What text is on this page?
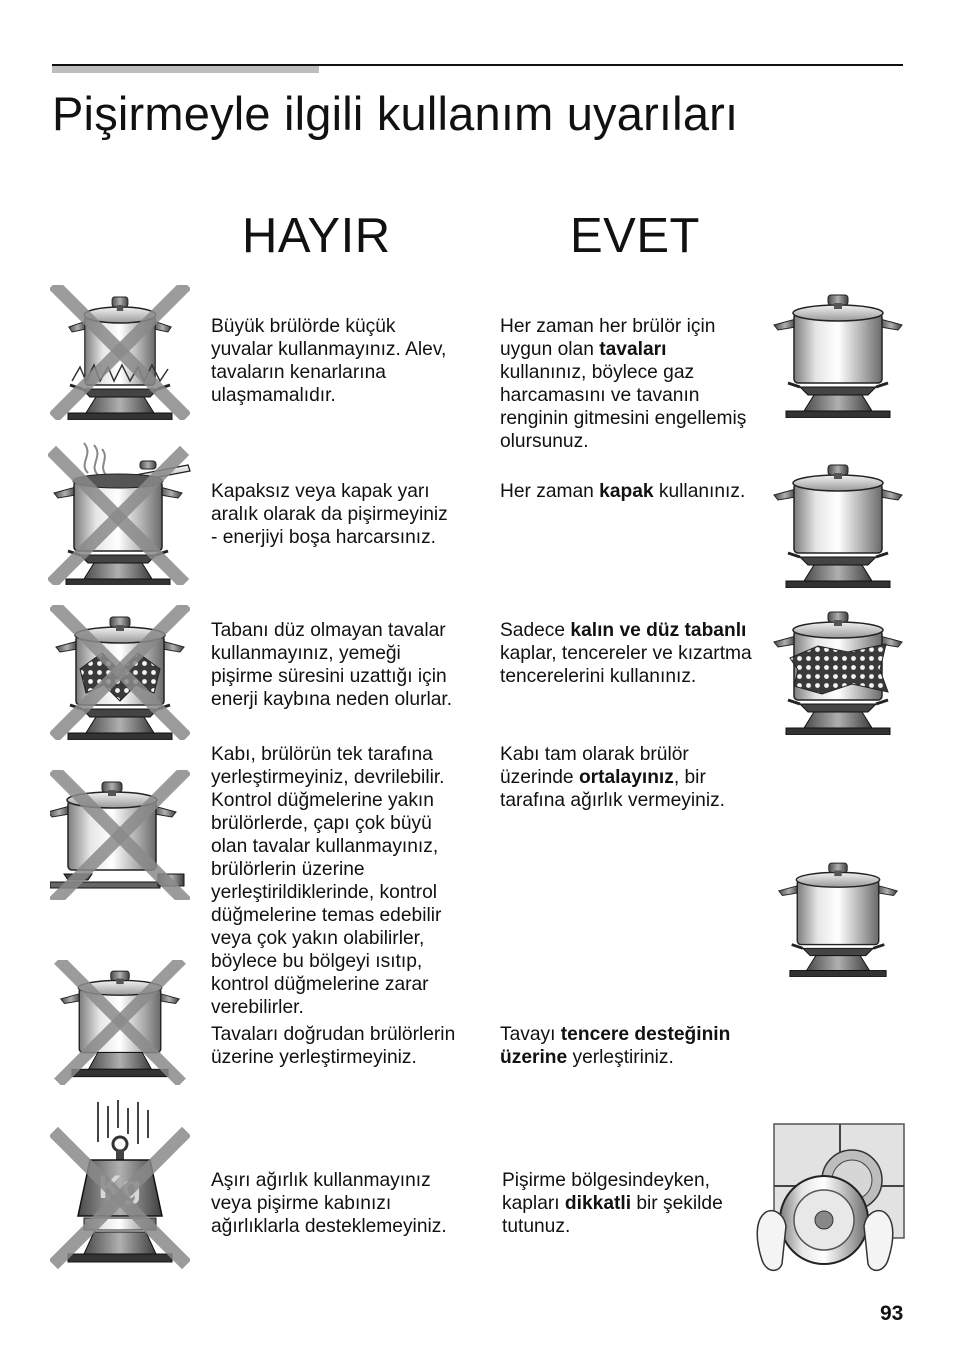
Pişirmeyle ilgili kullanım uyarıları
HAYIR	EVET

Büyük brülörde küçük
yuvalar kullanmayınız. Alev,
tavaların kenarlarına
ulaşmamalıdır.

Her zaman her brülör için
uygun olan tavaları
kullanınız, böylece gaz
harcamasını ve tavanın
renginin gitmesini engellemiş
olursunuz.

Kapaksız veya kapak yarı
aralık olarak da pişirmeyiniz
- enerjiyi boşa harcarsınız.

Her zaman kapak kullanınız.

Tabanı düz olmayan tavalar
kullanmayınız, yemeği
pişirme süresini uzattığı için
enerji kaybına neden olurlar.

Sadece kalın ve düz tabanlı
kaplar, tencereler ve kızartma
tencerelerini kullanınız.

Kabı, brülörün tek tarafına
yerleştirmeyiniz, devrilebilir.
Kontrol düğmelerine yakın
brülörlerde, çapı çok büyü
olan tavalar kullanmayınız,
brülörlerin üzerine
yerleştirildiklerinde, kontrol
düğmelerine temas edebilir
veya çok yakın olabilirler,
böylece bu bölgeyi ısıtıp,
kontrol düğmelerine zarar
verebilirler.

Kabı tam olarak brülör
üzerinde ortalayınız, bir
tarafına ağırlık vermeyiniz.

Tavaları doğrudan brülörlerin
üzerine yerleştirmeyiniz.

Tavayı tencere desteğinin
üzerine yerleştiriniz.

Kg	Aşırı ağırlık kullanmayınız
veya pişirme kabınızı
ağırlıklarla desteklemeyiniz.

Pişirme bölgesindeyken,
kapları dikkatli bir şekilde
tutunuz.

93
